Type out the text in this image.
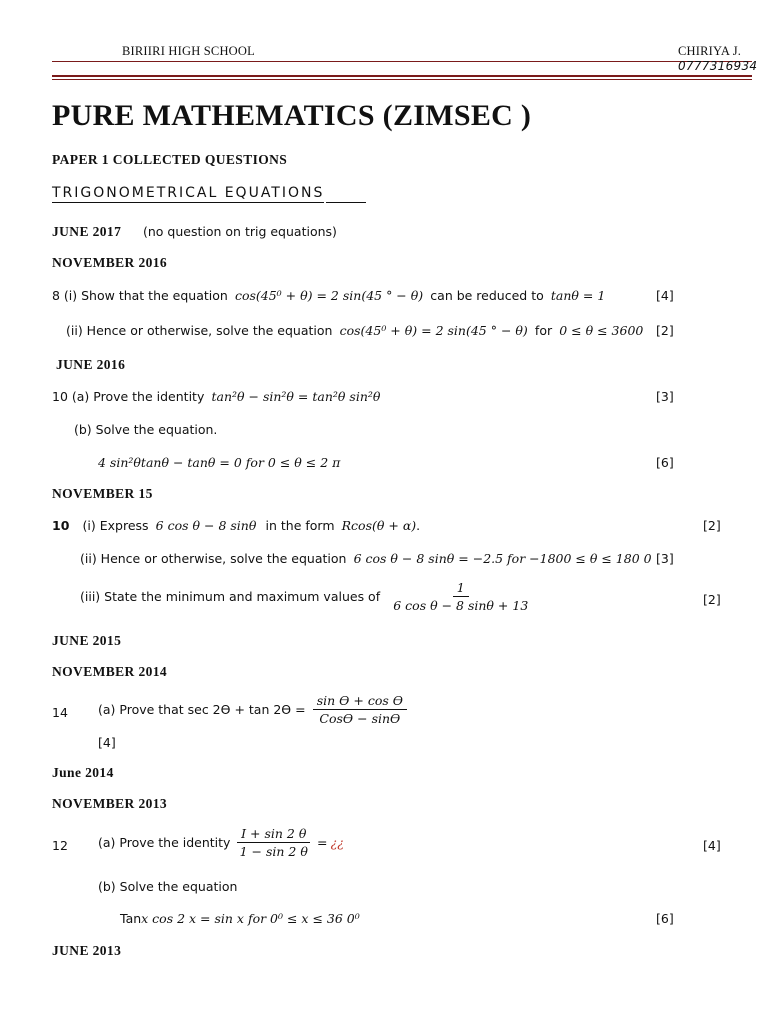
BIRIIRI HIGH SCHOOL	CHIRIYA J.
0777316934
PURE MATHEMATICS (ZIMSEC )
PAPER 1 COLLECTED QUESTIONS
TRIGONOMETRICAL EQUATIONS
JUNE 2017 (no question on trig equations)
NOVEMBER 2016
8 (i) Show that the equation cos(45⁰ + θ) = 2 sin(45 ° − θ) can be reduced to tanθ = 1	[4]
(ii) Hence or otherwise, solve the equation cos(45⁰ + θ) = 2 sin(45 ° − θ) for 0 ≤ θ ≤ 3600 [2]
JUNE 2016
10 (a) Prove the identity tan²θ − sin²θ = tan²θ sin²θ	[3]
(b) Solve the equation.
4 sin²θtanθ − tanθ = 0 for 0 ≤ θ ≤ 2 π	[6]
NOVEMBER 15
10 (i) Express 6 cos θ − 8 sinθ in the form Rcos(θ + α).	[2]
(ii) Hence or otherwise, solve the equation 6 cos θ − 8 sinθ = −2.5 for −1800 ≤ θ ≤ 180 0 [3]
(iii) State the minimum and maximum values of $\frac{1}{\text{6 cos θ − 8 sinθ + 13}}$	[2]
JUNE 2015
NOVEMBER 2014
14 (a) Prove that $\sec 2ϴ + \tan 2ϴ = \frac{\text{sin ϴ + cos ϴ}}{\text{Cosϴ − sinϴ}}$
[4]
June 2014
NOVEMBER 2013
12 (a) Prove the identity $\frac{I + \sin 2 \theta}{1 - \sin 2 \theta}$ = ¿¿	[4]
(b) Solve the equation
Tanx cos 2 x = sin x for 0⁰ ≤ x ≤ 36 0⁰	[6]
JUNE 2013
